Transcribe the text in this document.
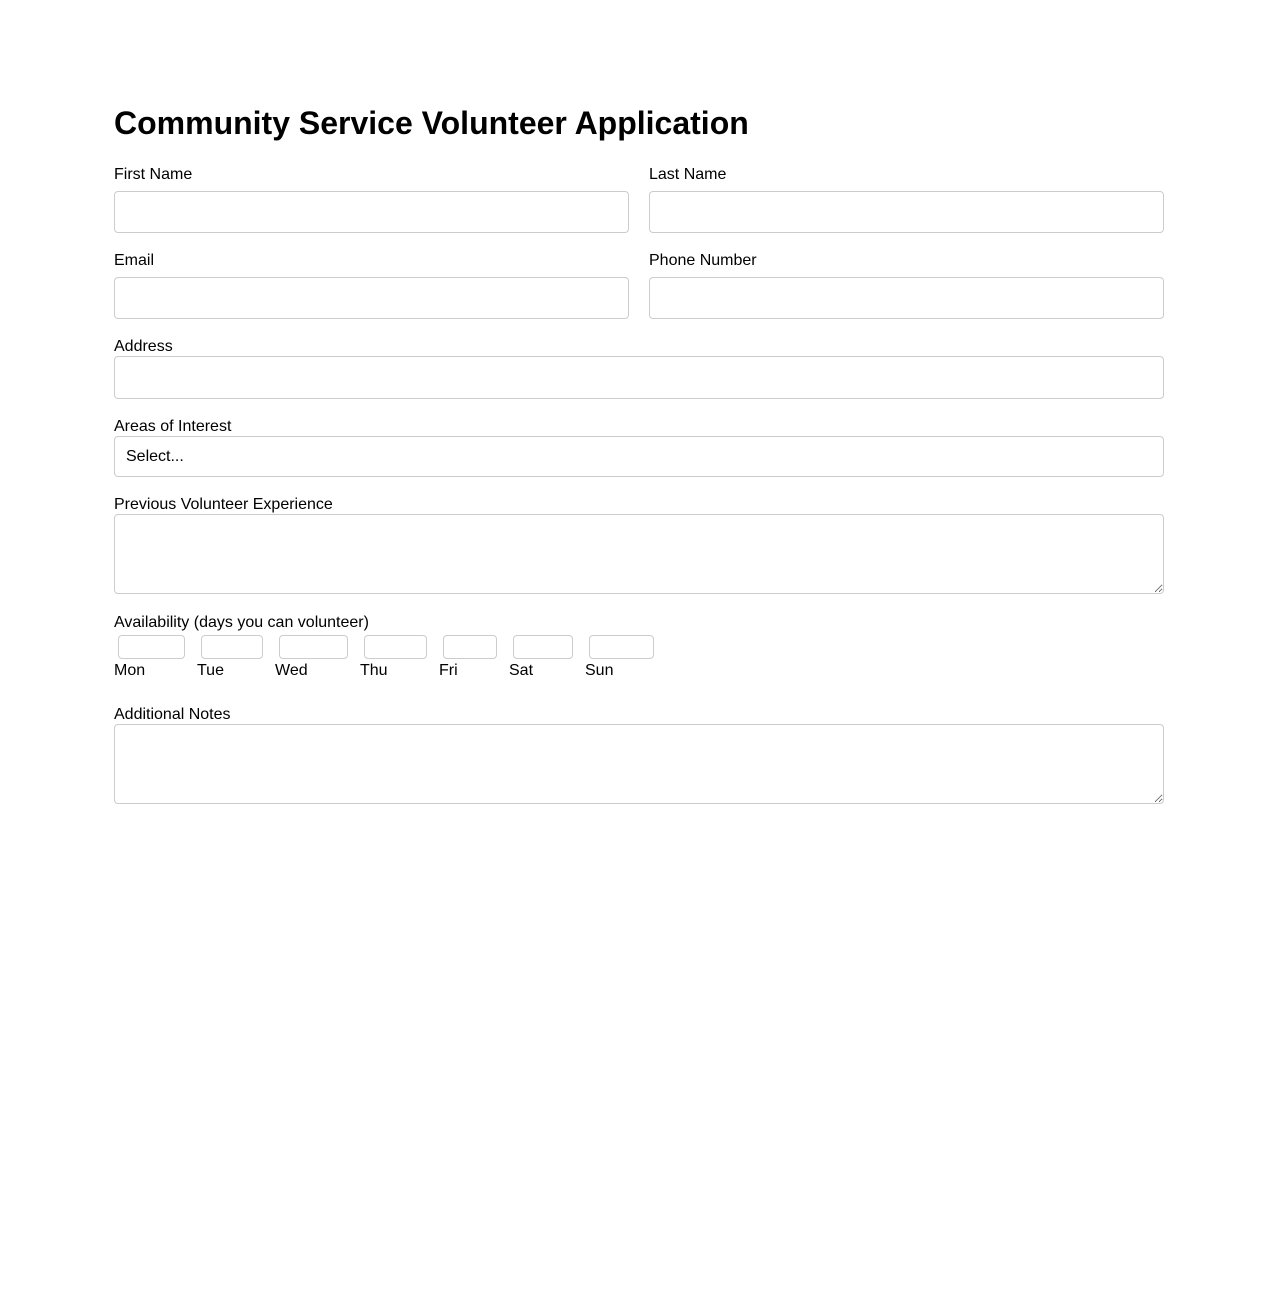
Community Service Volunteer Application
First Name	Last Name
Email	Phone Number
Address
Areas of Interest
Select...
Previous Volunteer Experience
Availability (days you can volunteer)
Mon	Tue	Wed	Thu	Fri	Sat	Sun
Additional Notes
